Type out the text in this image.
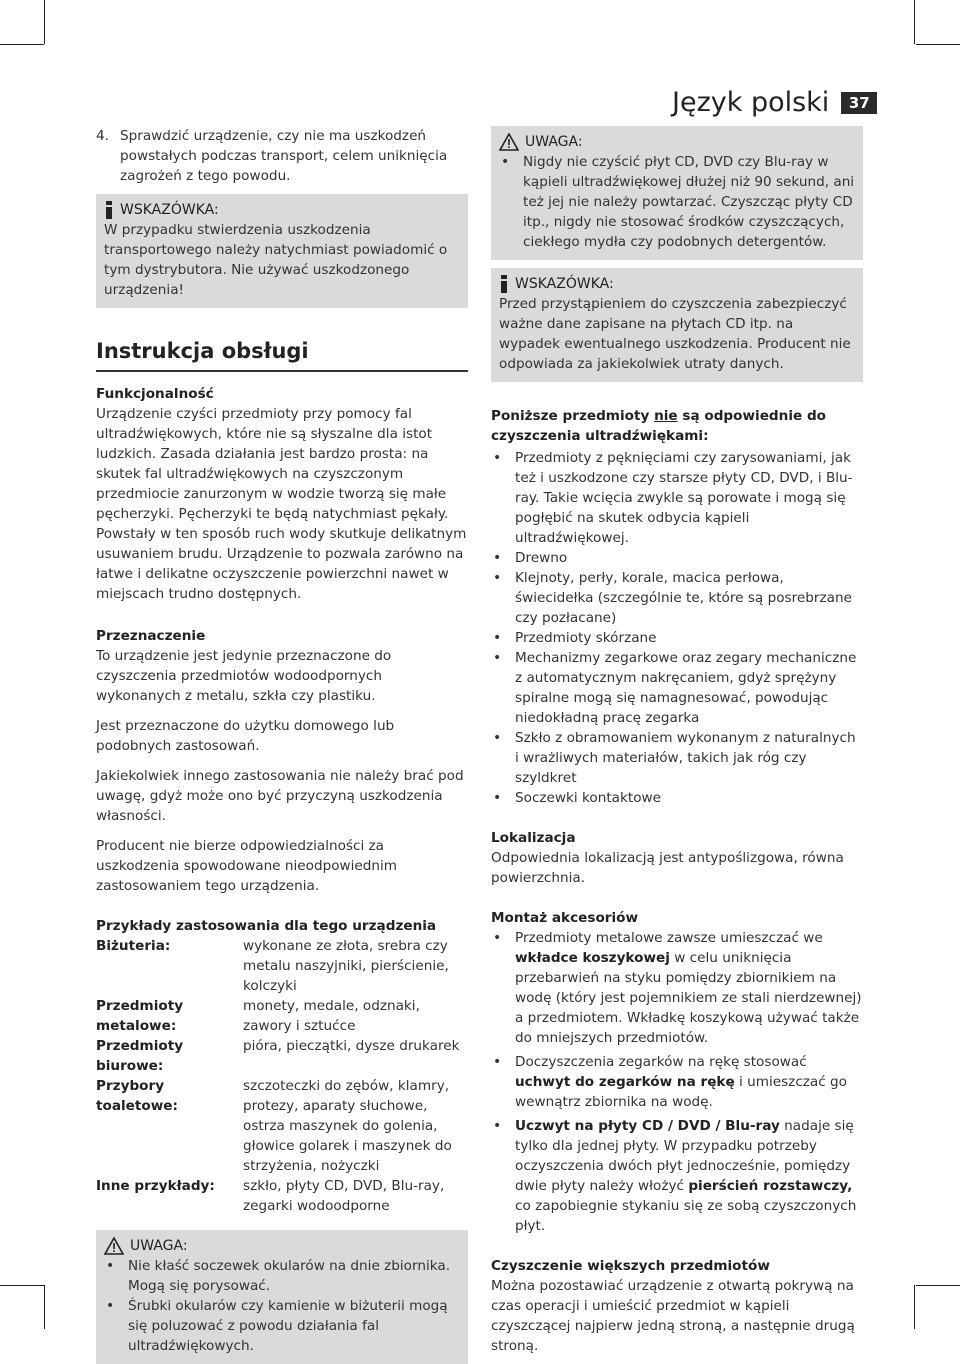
Język polski	37
4. Sprawdzić urządzenie, czy nie ma uszkodzeń powstałych podczas transport, celem uniknięcia zagrożeń z tego powodu.
WSKAZÓWKA:
W przypadku stwierdzenia uszkodzenia transportowego należy natychmiast powiadomić o tym dystrybutora. Nie używać uszkodzonego urządzenia!
Instrukcja obsługi
Funkcjonalność

Urządzenie czyści przedmioty przy pomocy fal ultradźwiękowych, które nie są słyszalne dla istot ludzkich. Zasada działania jest bardzo prosta: na skutek fal ultradźwiękowych na czyszczonym przedmiocie zanurzonym w wodzie tworzą się małe pęcherzyki. Pęcherzyki te będą natychmiast pękały. Powstały w ten sposób ruch wody skutkuje delikatnym usuwaniem brudu. Urządzenie to pozwala zarówno na łatwe i delikatne oczyszczenie powierzchni nawet w miejscach trudno dostępnych.

Przeznaczenie

To urządzenie jest jedynie przeznaczone do czyszczenia przedmiotów wodoodpornych wykonanych z metalu, szkła czy plastiku.

Jest przeznaczone do użytku domowego lub podobnych zastosowań.

Jakiekolwiek innego zastosowania nie należy brać pod uwagę, gdyż może ono być przyczyną uszkodzenia własności.

Producent nie bierze odpowiedzialności za uszkodzenia spowodowane nieodpowiednim zastosowaniem tego urządzenia.

Przykłady zastosowania dla tego urządzenia
Biżuteria:	wykonane ze złota, srebra czy metalu naszyjniki, pierścienie, kolczyki
Przedmioty metalowe:
monety, medale, odznaki, zawory i sztućce
Przedmioty biurowe:
pióra, pieczątki, dysze drukarek
Przybory toaletowe:
szczoteczki do zębów, klamry, protezy, aparaty słuchowe, ostrza maszynek do golenia, głowice golarek i maszynek do strzyżenia, nożyczki
Inne przykłady:	szkło, płyty CD, DVD, Blu-ray, zegarki wodoodporne
UWAGA:
• Nie kłaść soczewek okularów na dnie zbiornika. Mogą się porysować.
• Śrubki okularów czy kamienie w biżuterii mogą się poluzować z powodu działania fal ultradźwiękowych.
UWAGA:
• Nigdy nie czyścić płyt CD, DVD czy Blu-ray w kąpieli ultradźwiękowej dłużej niż 90 sekund, ani też jej nie należy powtarzać. Czyszcząc płyty CD itp., nigdy nie stosować środków czyszczących, ciekłego mydła czy podobnych detergentów.
WSKAZÓWKA:
Przed przystąpieniem do czyszczenia zabezpieczyć ważne dane zapisane na płytach CD itp. na wypadek ewentualnego uszkodzenia. Producent nie odpowiada za jakiekolwiek utraty danych.
Poniższe przedmioty nie są odpowiednie do czyszczenia ultradźwiękami:
• Przedmioty z pęknięciami czy zarysowaniami, jak też i uszkodzone czy starsze płyty CD, DVD, i Blu-ray. Takie wcięcia zwykle są porowate i mogą się pogłębić na skutek odbycia kąpieli ultradźwiękowej.
• Drewno
• Klejnoty, perły, korale, macica perłowa, świecidełka (szczególnie te, które są posrebrzane czy pozłacane)
• Przedmioty skórzane
• Mechanizmy zegarkowe oraz zegary mechaniczne z automatycznym nakręcaniem, gdyż sprężyny spiralne mogą się namagnesować, powodując niedokładną pracę zegarka
• Szkło z obramowaniem wykonanym z naturalnych i wrażliwych materiałów, takich jak róg czy szyldkret
• Soczewki kontaktowe
Lokalizacja

Odpowiednia lokalizacją jest antypoślizgowa, równa powierzchnia.

Montaż akcesoriów
• Przedmioty metalowe zawsze umieszczać we wkładce koszykowej w celu uniknięcia przebarwień na styku pomiędzy zbiornikiem na wodę (który jest pojemnikiem ze stali nierdzewnej) a przedmiotem. Wkładkę koszykową używać także do mniejszych przedmiotów.
• Doczyszczenia zegarków na rękę stosować uchwyt do zegarków na rękę i umieszczać go wewnątrz zbiornika na wodę.
• Uczwyt na płyty CD / DVD / Blu-ray nadaje się tylko dla jednej płyty. W przypadku potrzeby oczyszczenia dwóch płyt jednocześnie, pomiędzy dwie płyty należy włożyć pierścień rozstawczy, co zapobiegnie stykaniu się ze sobą czyszczonych płyt.
Czyszczenie większych przedmiotów

Można pozostawiać urządzenie z otwartą pokrywą na czas operacji i umieścić przedmiot w kąpieli czyszczącej najpierw jedną stroną, a następnie drugą stroną.
